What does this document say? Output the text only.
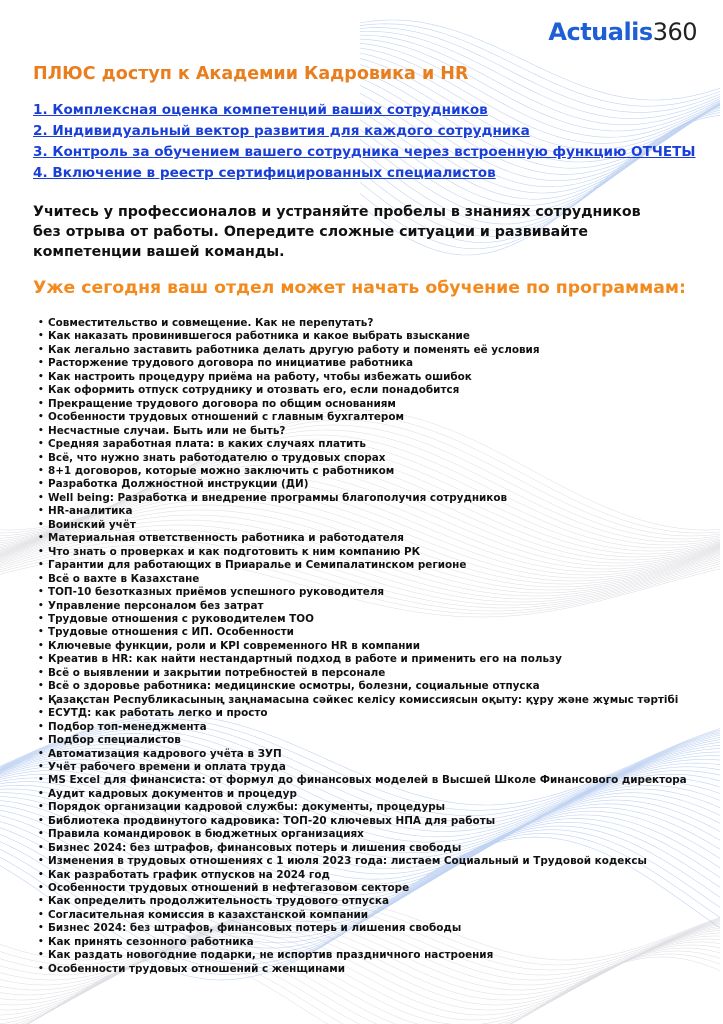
Actualis360
ПЛЮС доступ к Академии Кадровика и HR
1. Комплексная оценка компетенций ваших сотрудников
2. Индивидуальный вектор развития для каждого сотрудника
3. Контроль за обучением вашего сотрудника через встроенную функцию ОТЧЕТЫ
4. Включение в реестр сертифицированных специалистов
Учитесь у профессионалов и устраняйте пробелы в знаниях сотрудников без отрыва от работы. Опередите сложные ситуации и развивайте компетенции вашей команды.
Уже сегодня ваш отдел может начать обучение по программам:
• Совместительство и совмещение. Как не перепутать?
• Как наказать провинившегося работника и какое выбрать взыскание
• Как легально заставить работника делать другую работу и поменять её условия
• Расторжение трудового договора по инициативе работника
• Как настроить процедуру приёма на работу, чтобы избежать ошибок
• Как оформить отпуск сотруднику и отозвать его, если понадобится
• Прекращение трудового договора по общим основаниям
• Особенности трудовых отношений с главным бухгалтером
• Несчастные случаи. Быть или не быть?
• Средняя заработная плата: в каких случаях платить
• Всё, что нужно знать работодателю о трудовых спорах
• 8+1 договоров, которые можно заключить с работником
• Разработка Должностной инструкции (ДИ)
• Well being: Разработка и внедрение программы благополучия сотрудников
• HR-аналитика
• Воинский учёт
• Материальная ответственность работника и работодателя
• Что знать о проверках и как подготовить к ним компанию РК
• Гарантии для работающих в Приаралье и Семипалатинском регионе
• Всё о вахте в Казахстане
• ТОП-10 безотказных приёмов успешного руководителя
• Управление персоналом без затрат
• Трудовые отношения с руководителем ТОО
• Трудовые отношения с ИП. Особенности
• Ключевые функции, роли и KPI современного HR в компании
• Креатив в HR: как найти нестандартный подход в работе и применить его на пользу
• Всё о выявлении и закрытии потребностей в персонале
• Всё о здоровье работника: медицинские осмотры, болезни, социальные отпуска
• Қазақстан Республикасының заңнамасына сәйкес келісу комиссиясын оқыту: құру және жұмыс тәртібі
• ЕСУТД: как работать легко и просто
• Подбор топ-менеджмента
• Подбор специалистов
• Автоматизация кадрового учёта в ЗУП
• Учёт рабочего времени и оплата труда
• MS Excel для финансиста: от формул до финансовых моделей в Высшей Школе Финансового директора
• Аудит кадровых документов и процедур
• Порядок организации кадровой службы: документы, процедуры
• Библиотека продвинутого кадровика: ТОП-20 ключевых НПА для работы
• Правила командировок в бюджетных организациях
• Бизнес 2024: без штрафов, финансовых потерь и лишения свободы
• Изменения в трудовых отношениях с 1 июля 2023 года: листаем Социальный и Трудовой кодексы
• Как разработать график отпусков на 2024 год
• Особенности трудовых отношений в нефтегазовом секторе
• Как определить продолжительность трудового отпуска
• Согласительная комиссия в казахстанской компании
• Бизнес 2024: без штрафов, финансовых потерь и лишения свободы
• Как принять сезонного работника
• Как раздать новогодние подарки, не испортив праздничного настроения
• Особенности трудовых отношений с женщинами
